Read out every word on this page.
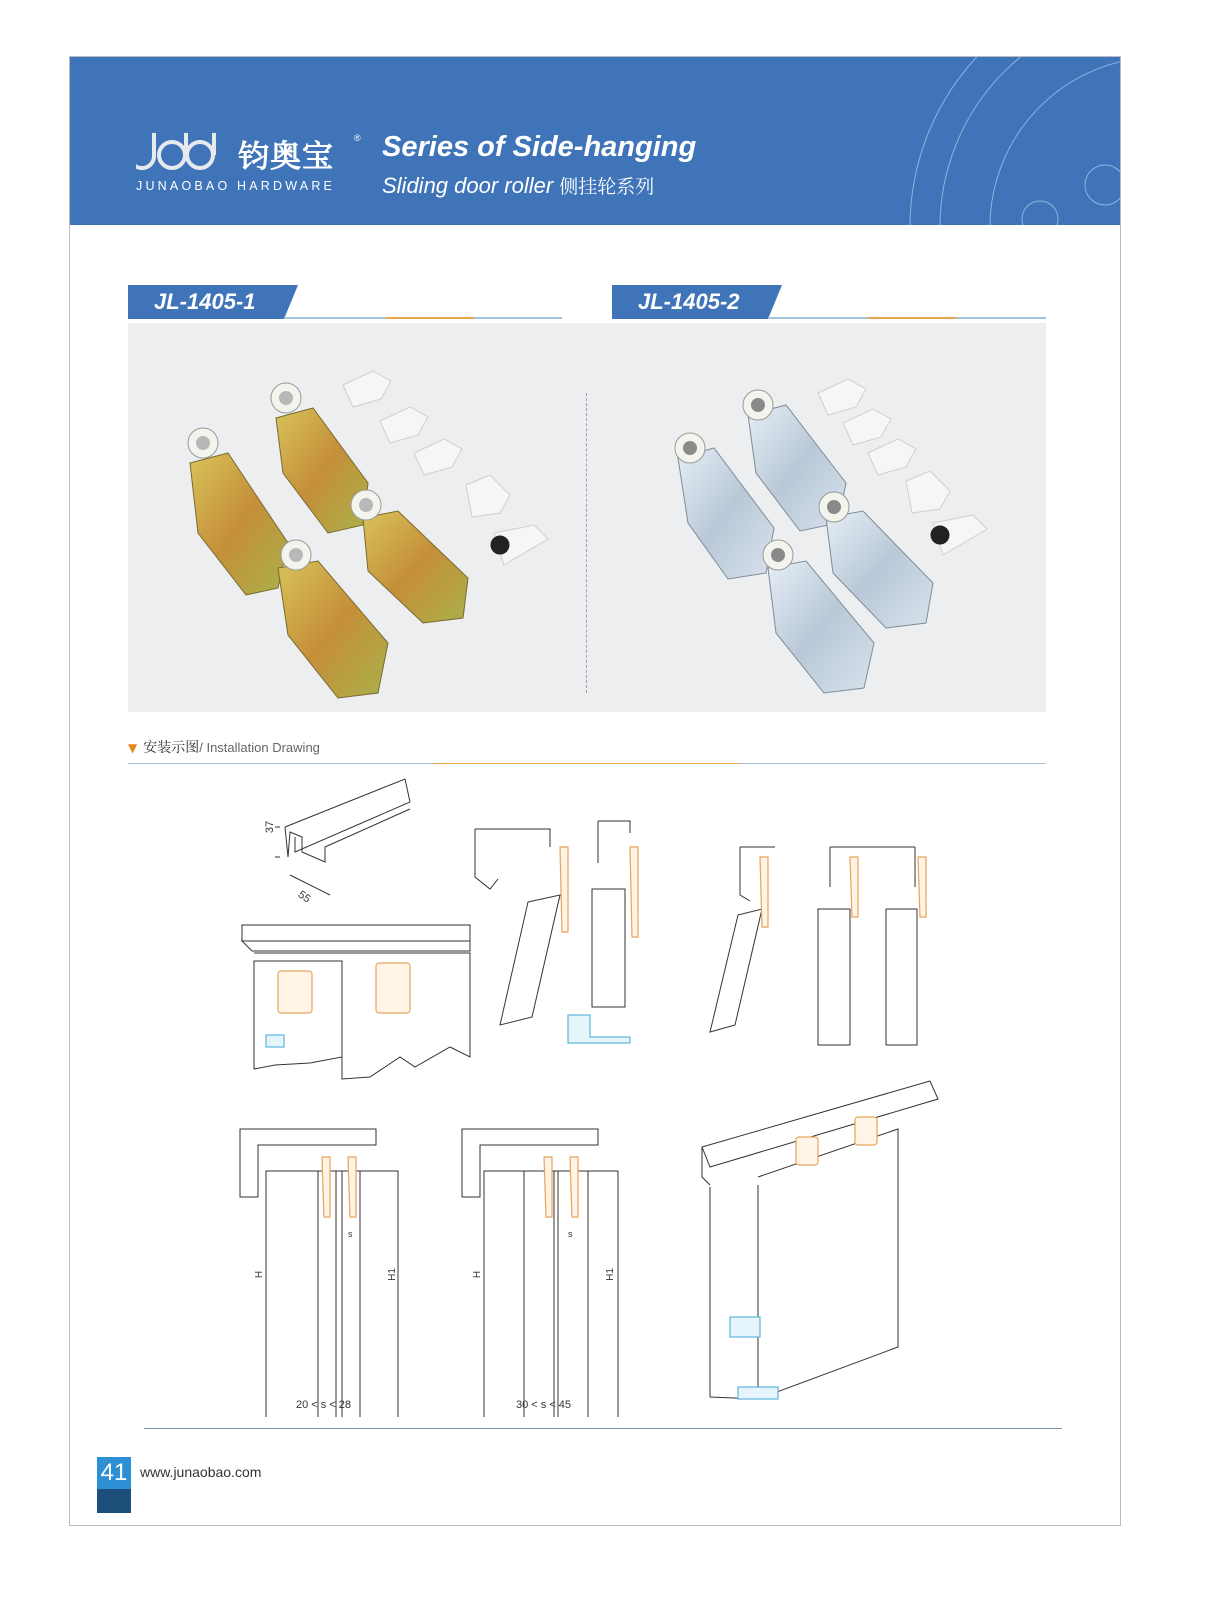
钧奥宝
®
JUNAOBAO HARDWARE
Series of Side-hanging
Sliding door roller 侧挂轮系列
JL-1405-1	JL-1405-2
▼ 安装示图/ Installation Drawing
37
55
s
H	H1
20 < s < 28
s
H	H1
30 < s < 45
41 www.junaobao.com
